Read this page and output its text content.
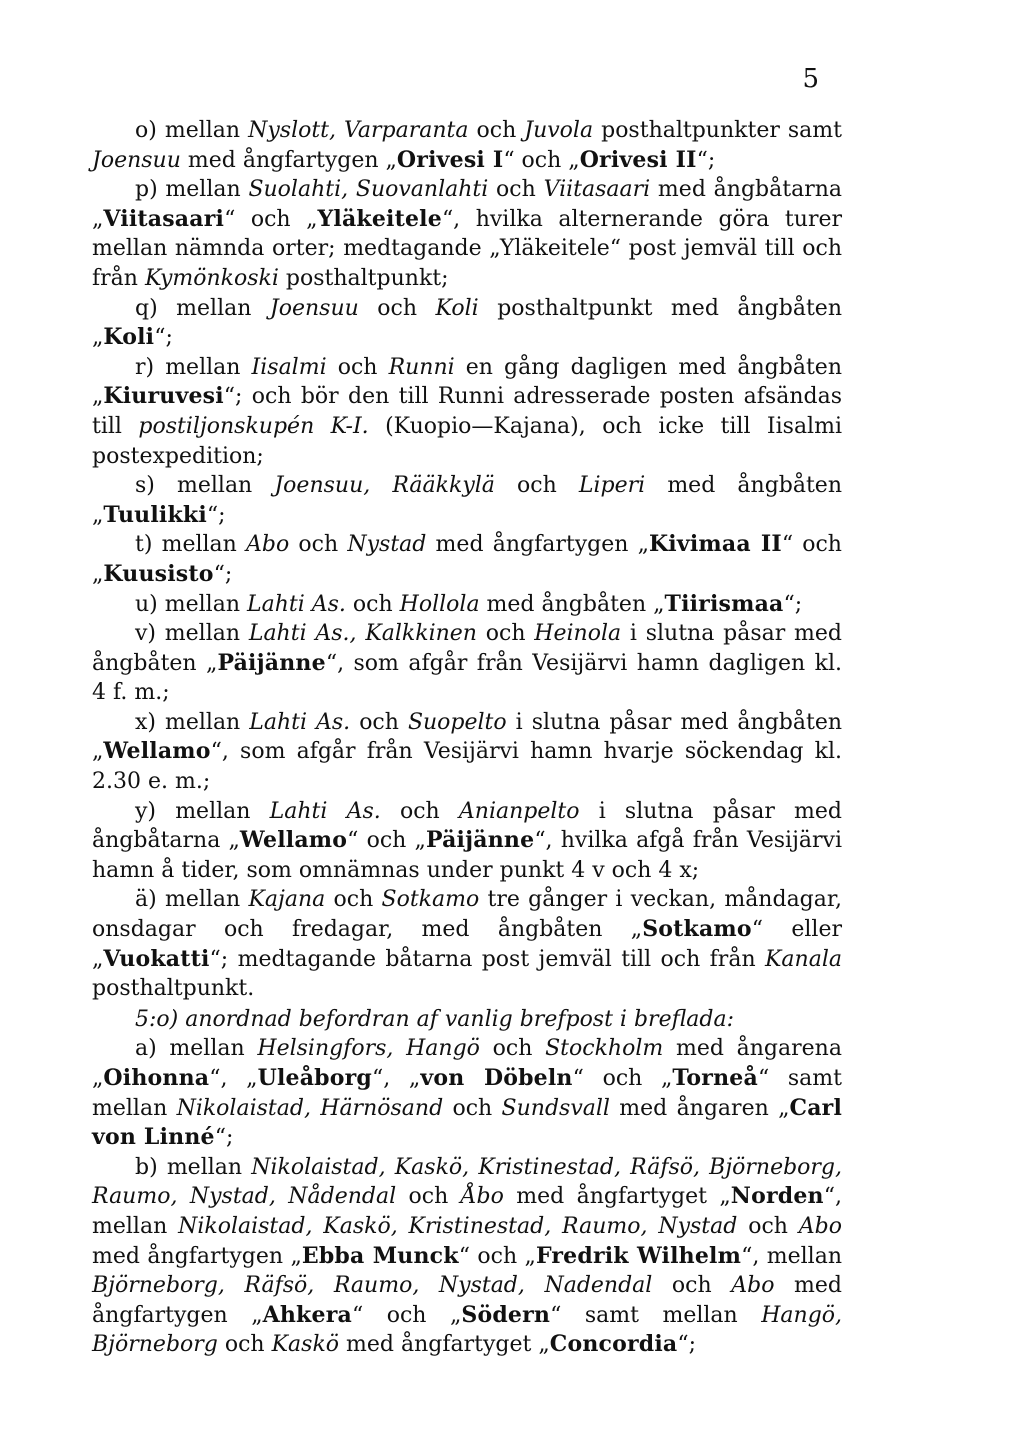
5

o) mellan Nyslott, Varparanta och Juvola posthaltpunkter samt Joensuu med ångfartygen „Orivesi I“ och „Orivesi II“;

p) mellan Suolahti, Suovanlahti och Viitasaari med ångbåtarna „Viitasaari“ och „Yläkeitele“, hvilka alternerande göra turer mellan nämnda orter; medtagande „Yläkeitele“ post jemväl till och från Kymönkoski posthaltpunkt;

q) mellan Joensuu och Koli posthaltpunkt med ångbåten „Koli“;

r) mellan Iisalmi och Runni en gång dagligen med ångbåten „Kiuruvesi“; och bör den till Runni adresserade posten afsändas till postiljonskupén K-I. (Kuopio—Kajana), och icke till Iisalmi postexpedition;

s) mellan Joensuu, Rääkkylä och Liperi med ångbåten „Tuulikki“;

t) mellan Abo och Nystad med ångfartygen „Kivimaa II“ och „Kuusisto“;

u) mellan Lahti As. och Hollola med ångbåten „Tiirismaa“;

v) mellan Lahti As., Kalkkinen och Heinola i slutna påsar med ångbåten „Päijänne“, som afgår från Vesijärvi hamn dagligen kl. 4 f. m.;

x) mellan Lahti As. och Suopelto i slutna påsar med ångbåten „Wellamo“, som afgår från Vesijärvi hamn hvarje söckendag kl. 2.30 e. m.;

y) mellan Lahti As. och Anianpelto i slutna påsar med ångbåtarna „Wellamo“ och „Päijänne“, hvilka afgå från Vesijärvi hamn å tider, som omnämnas under punkt 4 v och 4 x;

ä) mellan Kajana och Sotkamo tre gånger i veckan, måndagar, onsdagar och fredagar, med ångbåten „Sotkamo“ eller „Vuokatti“; medtagande båtarna post jemväl till och från Kanala posthaltpunkt.

5:o) anordnad befordran af vanlig brefpost i breflada:

a) mellan Helsingfors, Hangö och Stockholm med ångarena „Oihonna“, „Uleåborg“, „von Döbeln“ och „Torneå“ samt mellan Nikolaistad, Härnösand och Sundsvall med ångaren „Carl von Linné“;

b) mellan Nikolaistad, Kaskö, Kristinestad, Räfsö, Björneborg, Raumo, Nystad, Nådendal och Åbo med ångfartyget „Norden“, mellan Nikolaistad, Kaskö, Kristinestad, Raumo, Nystad och Abo med ångfartygen „Ebba Munck“ och „Fredrik Wilhelm“, mellan Björneborg, Räfsö, Raumo, Nystad, Nadendal och Abo med ångfartygen „Ahkera“ och „Södern“ samt mellan Hangö, Björneborg och Kaskö med ångfartyget „Concordia“;
